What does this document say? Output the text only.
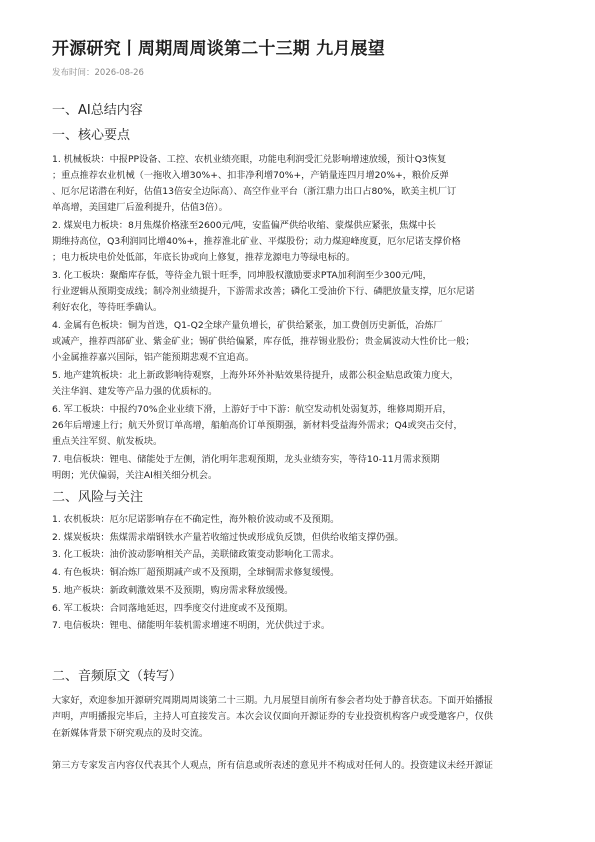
开源研究丨周期周周谈第二十三期 九月展望
发布时间：2026-08-26
一、AI总结内容
一、核心要点
1. 机械板块：中报PP设备、工控、农机业绩亮眼，功能电利润受汇兑影响增速放缓，预计Q3恢复
；重点推荐农业机械（一拖收入增30%+、扣非净利增70%+，产销量连四月增20%+，粮价反弹
、厄尔尼诺潜在利好，估值13倍安全边际高）、高空作业平台（浙江鼎力出口占80%，欧美主机厂订
单高增，美国建厂后盈利提升，估值3倍）。
2. 煤炭电力板块：8月焦煤价格涨至2600元/吨，安监偏严供给收缩、蒙煤供应紧张，焦煤中长
期维持高位，Q3利润同比增40%+，推荐淮北矿业、平煤股份；动力煤迎峰度夏，厄尔尼诺支撑价格
；电力板块电价处低部，年底长协或向上修复，推荐龙源电力等绿电标的。
3. 化工板块：聚酯库存低，等待金九银十旺季，同坤股权激励要求PTA加利润至少300元/吨，
行业逻辑从预期变成线；制冷剂业绩提升，下游需求改善；磷化工受油价下行、磷肥放量支撑，厄尔尼诺
利好农化，等待旺季确认。
4. 金属有色板块：铜为首选，Q1-Q2全球产量负增长，矿供给紧张，加工费创历史新低，冶炼厂
或减产，推荐西部矿业、紫金矿业；锡矿供给偏紧，库存低，推荐锡业股份；贵金属波动大性价比一般；
小金属推荐嘉兴国际，铝产能预期悲观不宜追高。
5. 地产建筑板块：北上新政影响待观察，上海外环外补贴效果待提升，成都公积金贴息政策力度大，
关注华润、建发等产品力强的优质标的。
6. 军工板块：中报约70%企业业绩下滑，上游好于中下游：航空发动机处弱复苏，维修周期开启，
26年后增速上行；航天外贸订单高增，船舶高价订单预期强，新材料受益海外需求；Q4或突击交付，
重点关注军贸、航发板块。
7. 电信板块：锂电、储能处于左侧，消化明年悲观预期，龙头业绩夯实，等待10-11月需求预期
明朗；光伏偏弱，关注AI相关细分机会。
二、风险与关注
1. 农机板块：厄尔尼诺影响存在不确定性，海外粮价波动或不及预期。
2. 煤炭板块：焦煤需求端钢铁水产量若收缩过快或形成负反馈，但供给收缩支撑仍强。
3. 化工板块：油价波动影响相关产品，美联储政策变动影响化工需求。
4. 有色板块：铜冶炼厂超预期减产或不及预期，全球铜需求修复缓慢。
5. 地产板块：新政刺激效果不及预期，购房需求释放缓慢。
6. 军工板块：合同落地延迟，四季度交付进度或不及预期。
7. 电信板块：锂电、储能明年装机需求增速不明朗，光伏供过于求。
二、音频原文（转写）
大家好，欢迎参加开源研究周期周周谈第二十三期。九月展望目前所有参会者均处于静音状态。下面开始播报
声明，声明播报完毕后，主持人可直接发言。本次会议仅面向开源证券的专业投资机构客户或受邀客户，仅供
在新媒体背景下研究观点的及时交流。
第三方专家发言内容仅代表其个人观点，所有信息或所表述的意见并不构成对任何人的。投资建议未经开源证
